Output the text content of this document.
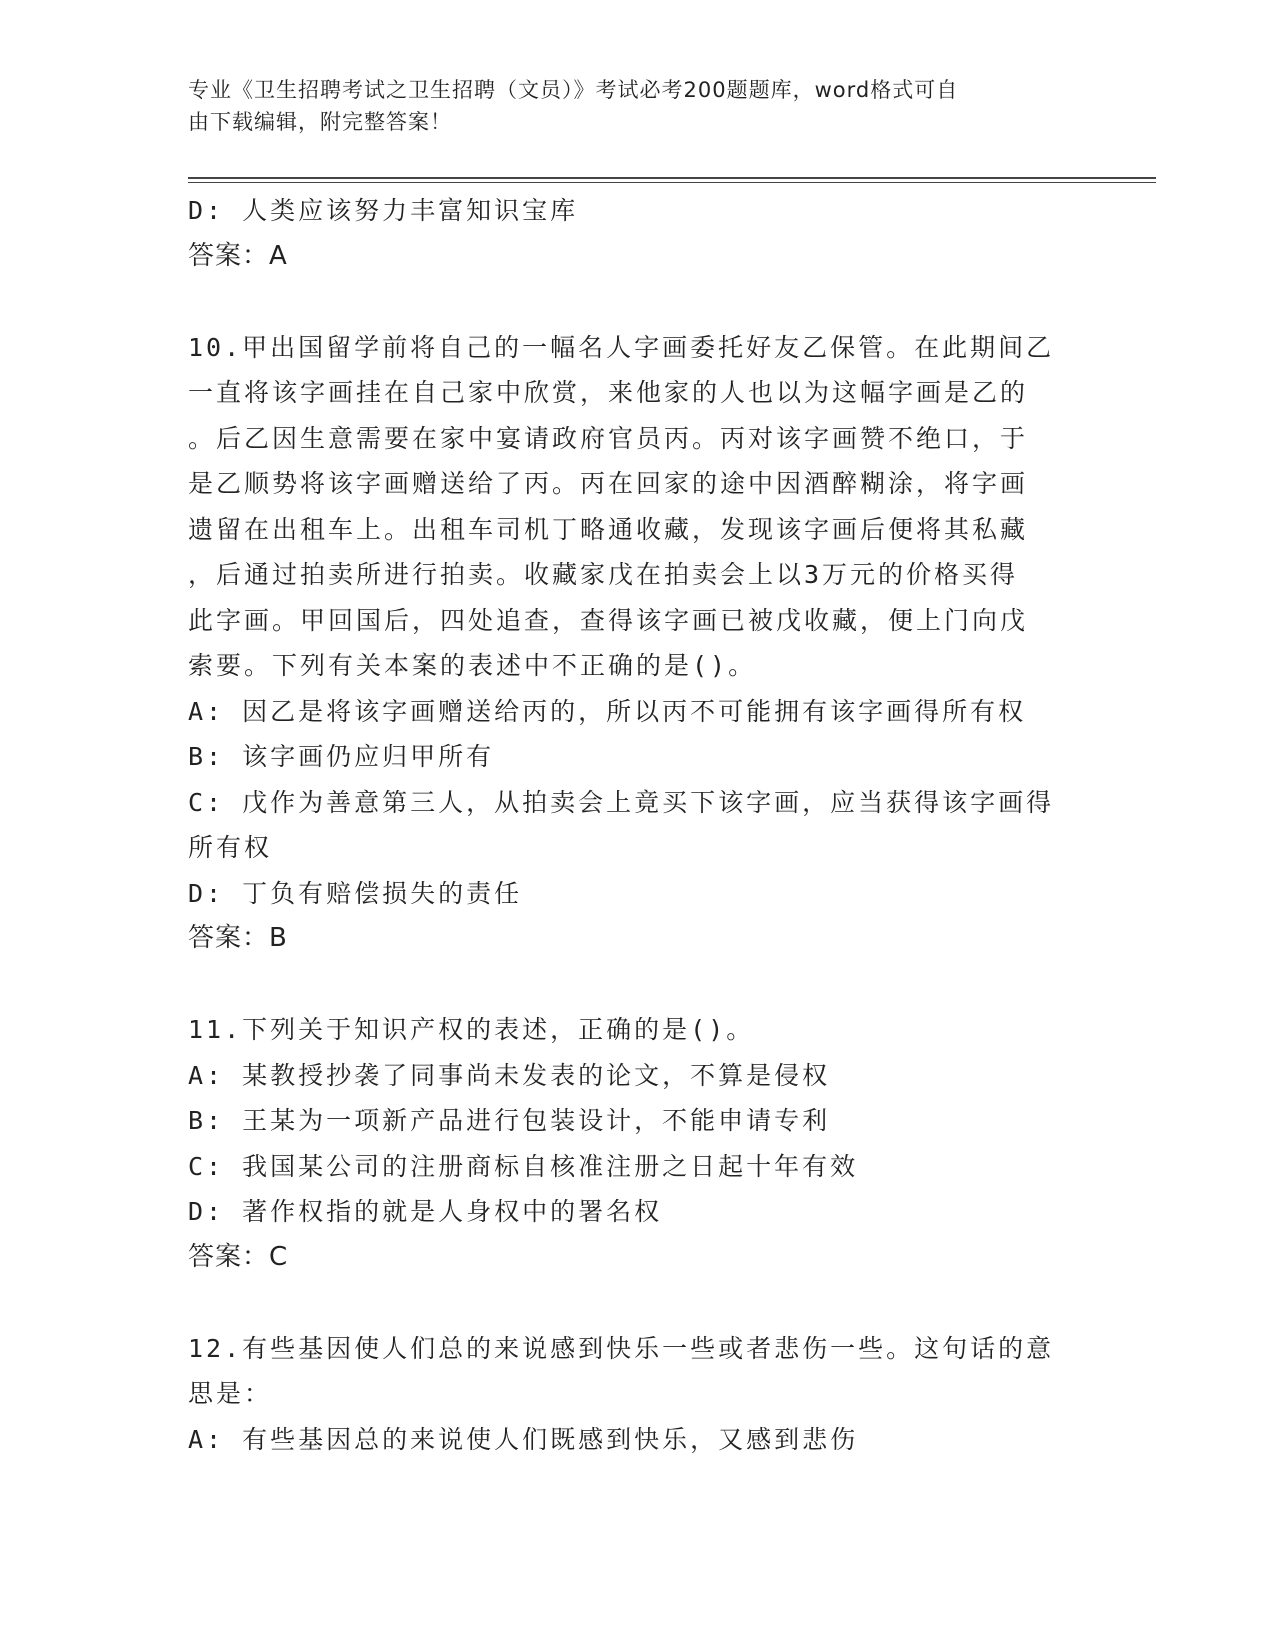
专业《卫生招聘考试之卫生招聘（文员）》考试必考200题题库，word格式可自
由下载编辑，附完整答案！
D: 人类应该努力丰富知识宝库
答案：A
10.甲出国留学前将自己的一幅名人字画委托好友乙保管。在此期间乙
一直将该字画挂在自己家中欣赏，来他家的人也以为这幅字画是乙的
。后乙因生意需要在家中宴请政府官员丙。丙对该字画赞不绝口，于
是乙顺势将该字画赠送给了丙。丙在回家的途中因酒醉糊涂，将字画
遗留在出租车上。出租车司机丁略通收藏，发现该字画后便将其私藏
，后通过拍卖所进行拍卖。收藏家戊在拍卖会上以3万元的价格买得
此字画。甲回国后，四处追查，查得该字画已被戊收藏，便上门向戊
索要。下列有关本案的表述中不正确的是()。
A: 因乙是将该字画赠送给丙的，所以丙不可能拥有该字画得所有权
B: 该字画仍应归甲所有
C: 戊作为善意第三人，从拍卖会上竟买下该字画，应当获得该字画得
所有权
D: 丁负有赔偿损失的责任
答案：B
11.下列关于知识产权的表述，正确的是()。
A: 某教授抄袭了同事尚未发表的论文，不算是侵权
B: 王某为一项新产品进行包装设计，不能申请专利
C: 我国某公司的注册商标自核准注册之日起十年有效
D: 著作权指的就是人身权中的署名权
答案：C
12.有些基因使人们总的来说感到快乐一些或者悲伤一些。这句话的意
思是：
A: 有些基因总的来说使人们既感到快乐，又感到悲伤
